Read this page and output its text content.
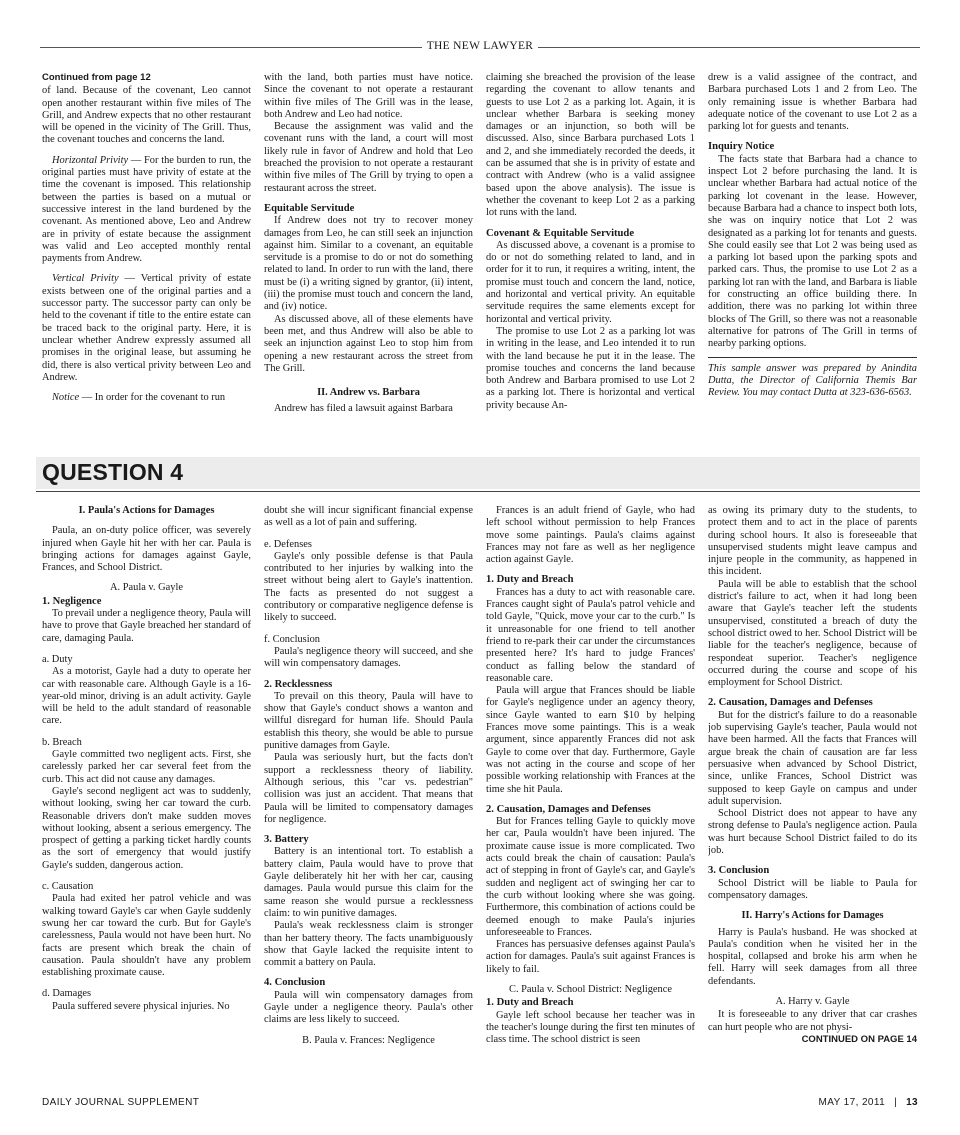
THE NEW LAWYER

Continued from page 12

of land. Because of the covenant, Leo cannot open another restaurant within five miles of The Grill, and Andrew expects that no other restaurant will be opened in the vicinity of The Grill. Thus, the covenant touches and concerns the land.

Horizontal Privity — For the burden to run, the original parties must have privity of estate at the time the covenant is imposed. This relationship between the parties is based on a mutual or successive interest in the land burdened by the covenant. As mentioned above, Leo and Andrew are in privity of estate because the assignment was valid and Leo accepted monthly rental payments from Andrew.

Vertical Privity — Vertical privity of estate exists between one of the original parties and a successor party. The successor party can only be held to the covenant if title to the entire estate can be traced back to the original party. Here, it is unclear whether Andrew expressly assumed all promises in the original lease, but assuming he did, there is also vertical privity between Leo and Andrew.

Notice — In order for the covenant to run

with the land, both parties must have notice. Since the covenant to not operate a restaurant within five miles of The Grill was in the lease, both Andrew and Leo had notice.

Because the assignment was valid and the covenant runs with the land, a court will most likely rule in favor of Andrew and hold that Leo breached the provision to not operate a restaurant within five miles of The Grill by trying to open a restaurant across the street.

Equitable Servitude

If Andrew does not try to recover money damages from Leo, he can still seek an injunction against him. Similar to a covenant, an equitable servitude is a promise to do or not do something related to land. In order to run with the land, there must be (i) a writing signed by grantor, (ii) intent, (iii) the promise must touch and concern the land, and (iv) notice.

As discussed above, all of these elements have been met, and thus Andrew will also be able to seek an injunction against Leo to stop him from opening a new restaurant across the street from The Grill.

II. Andrew vs. Barbara

Andrew has filed a lawsuit against Barbara

claiming she breached the provision of the lease regarding the covenant to allow tenants and guests to use Lot 2 as a parking lot. Again, it is unclear whether Barbara is seeking money damages or an injunction, so both will be discussed. Also, since Barbara purchased Lots 1 and 2, and she immediately recorded the deeds, it can be assumed that she is in privity of estate and contract with Andrew (who is a valid assignee based upon the above analysis). The issue is whether the covenant to keep Lot 2 as a parking lot runs with the land.

Covenant & Equitable Servitude

As discussed above, a covenant is a promise to do or not do something related to land, and in order for it to run, it requires a writing, intent, the promise must touch and concern the land, notice, and horizontal and vertical privity. An equitable servitude requires the same elements except for horizontal and vertical privity.

The promise to use Lot 2 as a parking lot was in writing in the lease, and Leo intended it to run with the land because he put it in the lease. The promise touches and concerns the land because both Andrew and Barbara promised to use Lot 2 as a parking lot. There is horizontal and vertical privity because An-

drew is a valid assignee of the contract, and Barbara purchased Lots 1 and 2 from Leo. The only remaining issue is whether Barbara had adequate notice of the covenant to use Lot 2 as a parking lot for guests and tenants.

Inquiry Notice

The facts state that Barbara had a chance to inspect Lot 2 before purchasing the land. It is unclear whether Barbara had actual notice of the parking lot covenant in the lease. However, because Barbara had a chance to inspect both lots, she was on inquiry notice that Lot 2 was designated as a parking lot for tenants and guests. She could easily see that Lot 2 was being used as a parking lot based upon the parking spots and parked cars. Thus, the promise to use Lot 2 as a parking lot ran with the land, and Barbara is liable for constructing an office building there. In addition, there was no parking lot within three blocks of The Grill, so there was not a reasonable alternative for patrons of The Grill in terms of nearby parking options.

This sample answer was prepared by Anindita Dutta, the Director of California Themis Bar Review. You may contact Dutta at 323-636-6563.

QUESTION 4

I. Paula's Actions for Damages

Paula, an on-duty police officer, was severely injured when Gayle hit her with her car. Paula is bringing actions for damages against Gayle, Frances, and School District.

A. Paula v. Gayle

1. Negligence

To prevail under a negligence theory, Paula will have to prove that Gayle breached her standard of care, damaging Paula.

a. Duty

As a motorist, Gayle had a duty to operate her car with reasonable care. Although Gayle is a 16-year-old minor, driving is an adult activity. Gayle will be held to the adult standard of reasonable care.

b. Breach

Gayle committed two negligent acts. First, she carelessly parked her car several feet from the curb. This act did not cause any damages.

Gayle's second negligent act was to suddenly, without looking, swing her car toward the curb. Reasonable drivers don't make sudden moves without looking, absent a serious emergency. The prospect of getting a parking ticket hardly counts as the sort of emergency that would justify Gayle's sudden, dangerous action.

c. Causation

Paula had exited her patrol vehicle and was walking toward Gayle's car when Gayle suddenly swung her car toward the curb. But for Gayle's carelessness, Paula would not have been hurt. No facts are present which break the chain of causation. Paula shouldn't have any problem establishing proximate cause.

d. Damages

Paula suffered severe physical injuries. No

doubt she will incur significant financial expense as well as a lot of pain and suffering.

e. Defenses

Gayle's only possible defense is that Paula contributed to her injuries by walking into the street without being alert to Gayle's inattention. The facts as presented do not suggest a contributory or comparative negligence defense is likely to succeed.

f. Conclusion

Paula's negligence theory will succeed, and she will win compensatory damages.

2. Recklessness

To prevail on this theory, Paula will have to show that Gayle's conduct shows a wanton and willful disregard for human life. Should Paula establish this theory, she would be able to pursue punitive damages from Gayle.

Paula was seriously hurt, but the facts don't support a recklessness theory of liability. Although serious, this "car vs. pedestrian" collision was just an accident. That means that Paula will be limited to compensatory damages for negligence.

3. Battery

Battery is an intentional tort. To establish a battery claim, Paula would have to prove that Gayle deliberately hit her with her car, causing damages. Paula would pursue this claim for the same reason she would pursue a recklessness claim: to win punitive damages.

Paula's weak recklessness claim is stronger than her battery theory. The facts unambiguously show that Gayle lacked the requisite intent to commit a battery on Paula.

4. Conclusion

Paula will win compensatory damages from Gayle under a negligence theory. Paula's other claims are less likely to succeed.

B. Paula v. Frances: Negligence

Frances is an adult friend of Gayle, who had left school without permission to help Frances move some paintings. Paula's claims against Frances may not fare as well as her negligence action against Gayle.

1. Duty and Breach

Frances has a duty to act with reasonable care. Frances caught sight of Paula's patrol vehicle and told Gayle, "Quick, move your car to the curb." Is it unreasonable for one friend to tell another friend to re-park their car under the circumstances presented here? It's hard to judge Frances' conduct as falling below the standard of reasonable care.

Paula will argue that Frances should be liable for Gayle's negligence under an agency theory, since Gayle wanted to earn $10 by helping Frances move some paintings. This is a weak argument, since apparently Frances did not ask Gayle to come over that day. Furthermore, Gayle was not acting in the course and scope of her possible working relationship with Frances at the time she hit Paula.

2. Causation, Damages and Defenses

But for Frances telling Gayle to quickly move her car, Paula wouldn't have been injured. The proximate cause issue is more complicated. Two acts could break the chain of causation: Paula's act of stepping in front of Gayle's car, and Gayle's sudden and negligent act of swinging her car to the curb without looking where she was going. Furthermore, this combination of actions could be deemed enough to make Paula's injuries unforeseeable to Frances.

Frances has persuasive defenses against Paula's action for damages. Paula's suit against Frances is likely to fail.

C. Paula v. School District: Negligence

1. Duty and Breach

Gayle left school because her teacher was in the teacher's lounge during the first ten minutes of class time. The school district is seen

as owing its primary duty to the students, to protect them and to act in the place of parents during school hours. It also is foreseeable that unsupervised students might leave campus and injure people in the community, as happened in this incident.

Paula will be able to establish that the school district's failure to act, when it had long been aware that Gayle's teacher left the students unsupervised, constituted a breach of duty the school district owed to her. School District will be liable for the teacher's negligence, because of respondeat superior. Teacher's negligence occurred during the course and scope of his employment for School District.

2. Causation, Damages and Defenses

But for the district's failure to do a reasonable job supervising Gayle's teacher, Paula would not have been harmed. All the facts that Frances will argue break the chain of causation are far less persuasive when advanced by School District, since, unlike Frances, School District was supposed to keep Gayle on campus and under adult supervision.

School District does not appear to have any strong defense to Paula's negligence action. Paula was hurt because School District failed to do its job.

3. Conclusion

School District will be liable to Paula for compensatory damages.

II. Harry's Actions for Damages

Harry is Paula's husband. He was shocked at Paula's condition when he visited her in the hospital, collapsed and broke his arm when he fell. Harry will seek damages from all three defendants.

A. Harry v. Gayle

It is foreseeable to any driver that car crashes can hurt people who are not physi-

CONTINUED ON PAGE 14

DAILY JOURNAL SUPPLEMENT	MAY 17, 2011 | 13
